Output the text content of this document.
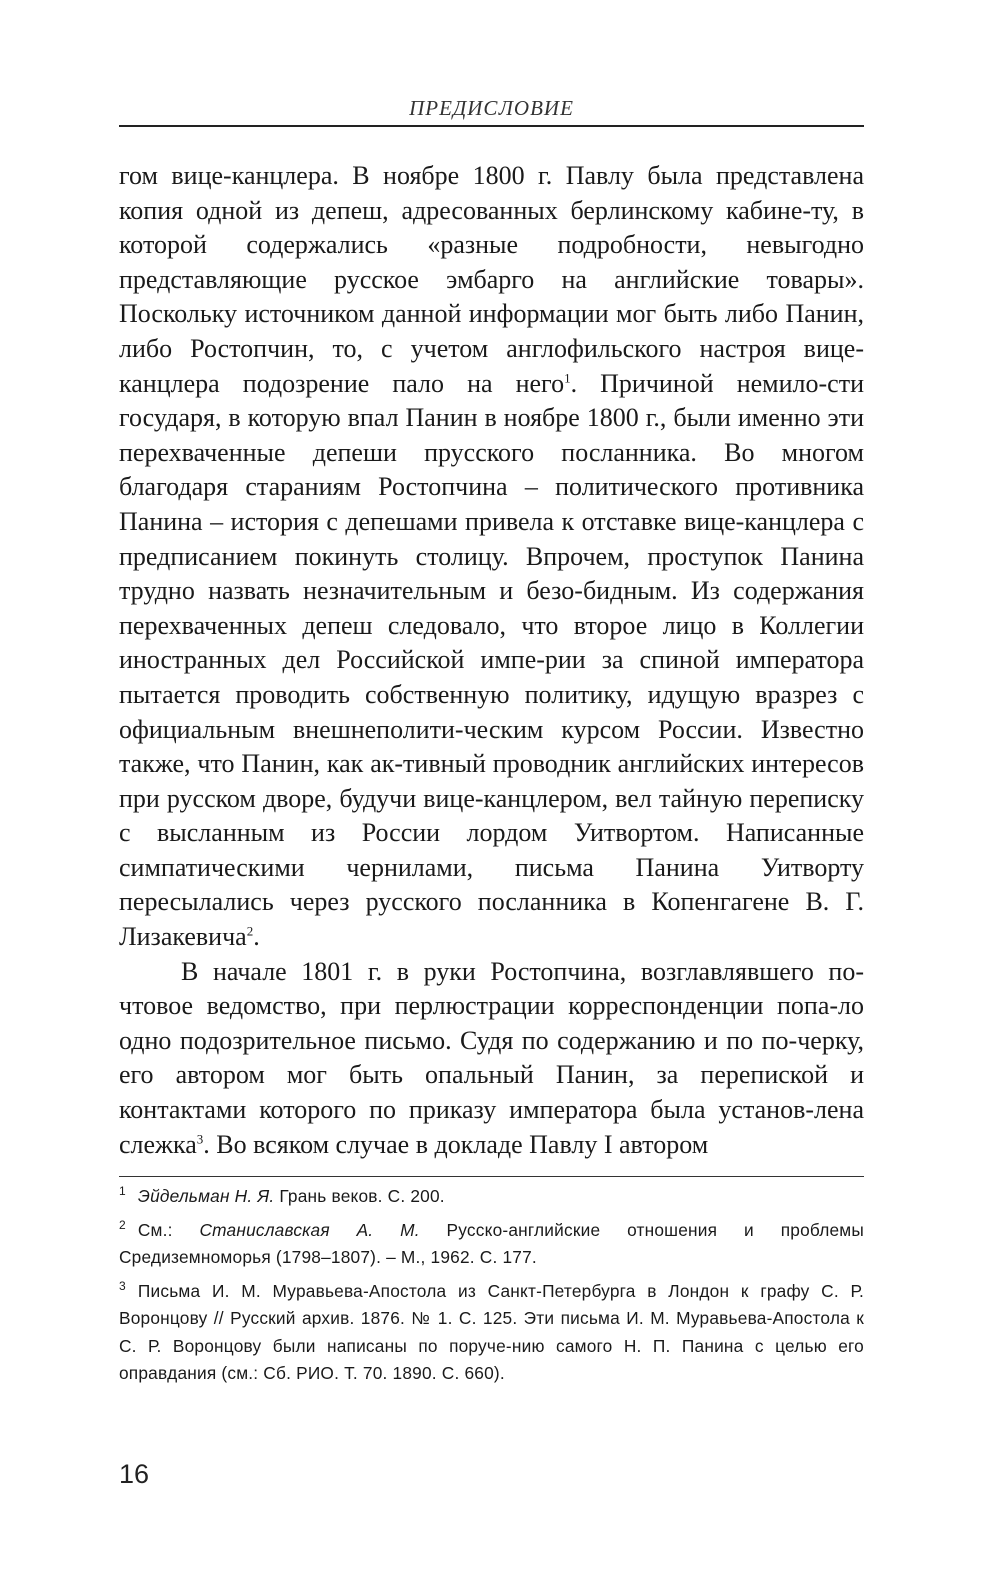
ПРЕДИСЛОВИЕ

гом вице-канцлера. В ноябре 1800 г. Павлу была представлена копия одной из депеш, адресованных берлинскому кабине-ту, в которой содержались «разные подробности, невыгодно представляющие русское эмбарго на английские товары». Поскольку источником данной информации мог быть либо Панин, либо Ростопчин, то, с учетом англофильского настроя вице-канцлера подозрение пало на него$^1$. Причиной немило-сти государя, в которую впал Панин в ноябре 1800 г., были именно эти перехваченные депеши прусского посланника. Во многом благодаря стараниям Ростопчина – политического противника Панина – история с депешами привела к отставке вице-канцлера с предписанием покинуть столицу. Впрочем, проступок Панина трудно назвать незначительным и безо-бидным. Из содержания перехваченных депеш следовало, что второе лицо в Коллегии иностранных дел Российской импе-рии за спиной императора пытается проводить собственную политику, идущую вразрез с официальным внешнеполити-ческим курсом России. Известно также, что Панин, как ак-тивный проводник английских интересов при русском дворе, будучи вице-канцлером, вел тайную переписку с высланным из России лордом Уитвортом. Написанные симпатическими чернилами, письма Панина Уитворту пересылались через русского посланника в Копенгагене В. Г. Лизакевича$^2$.

В начале 1801 г. в руки Ростопчина, возглавлявшего по-чтовое ведомство, при перлюстрации корреспонденции попа-ло одно подозрительное письмо. Судя по содержанию и по по-черку, его автором мог быть опальный Панин, за перепиской и контактами которого по приказу императора была установ-лена слежка$^3$. Во всяком случае в докладе Павлу I автором

$^1$ Эйдельман Н. Я. Грань веков. С. 200.

$^2$ См.: Станиславская А. М. Русско-английские отношения и проблемы Средиземноморья (1798–1807). – М., 1962. С. 177.

$^3$ Письма И. М. Муравьева-Апостола из Санкт-Петербурга в Лондон к графу С. Р. Воронцову // Русский архив. 1876. № 1. С. 125. Эти письма И. М. Муравьева-Апостола к С. Р. Воронцову были написаны по поруче-нию самого Н. П. Панина с целью его оправдания (см.: Сб. РИО. Т. 70. 1890. С. 660).

16
